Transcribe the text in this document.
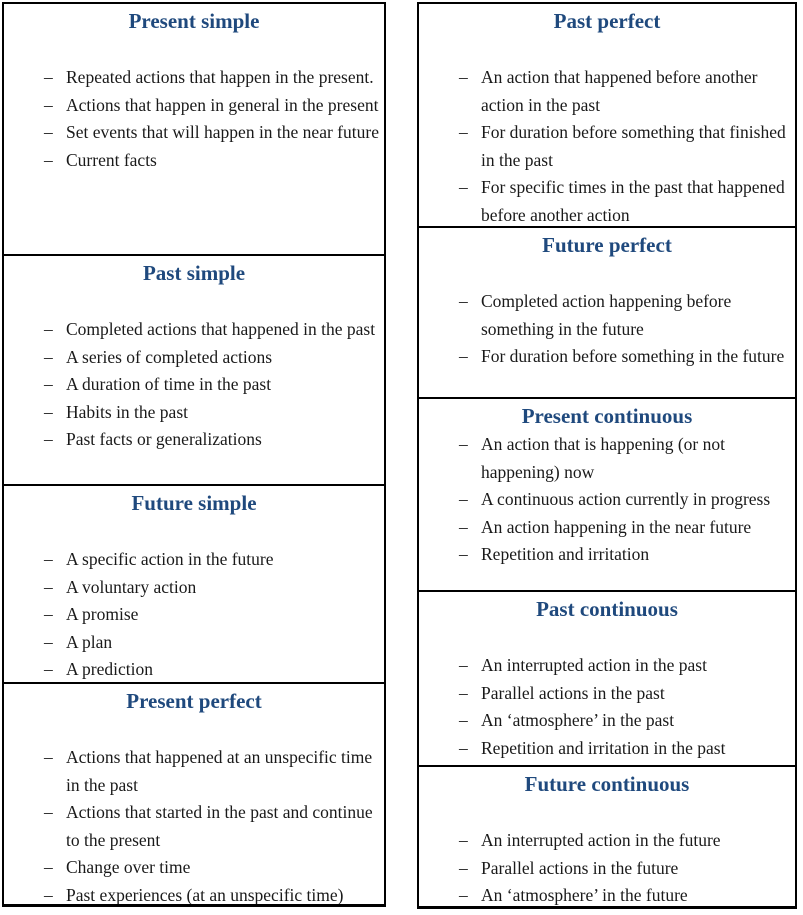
Present simple
– Repeated actions that happen in the present.
– Actions that happen in general in the present
– Set events that will happen in the near future
– Current facts
Past simple
– Completed actions that happened in the past
– A series of completed actions
– A duration of time in the past
– Habits in the past
– Past facts or generalizations
Future simple
– A specific action in the future
– A voluntary action
– A promise
– A plan
– A prediction
Present perfect
– Actions that happened at an unspecific time in the past
– Actions that started in the past and continue to the present
– Change over time
– Past experiences (at an unspecific time)
Past perfect
– An action that happened before another action in the past
– For duration before something that finished in the past
– For specific times in the past that happened before another action
Future perfect
– Completed action happening before something in the future
– For duration before something in the future
Present continuous
– An action that is happening (or not happening) now
– A continuous action currently in progress
– An action happening in the near future
– Repetition and irritation
Past continuous
– An interrupted action in the past
– Parallel actions in the past
– An ‘atmosphere’ in the past
– Repetition and irritation in the past
Future continuous
– An interrupted action in the future
– Parallel actions in the future
– An ‘atmosphere’ in the future
